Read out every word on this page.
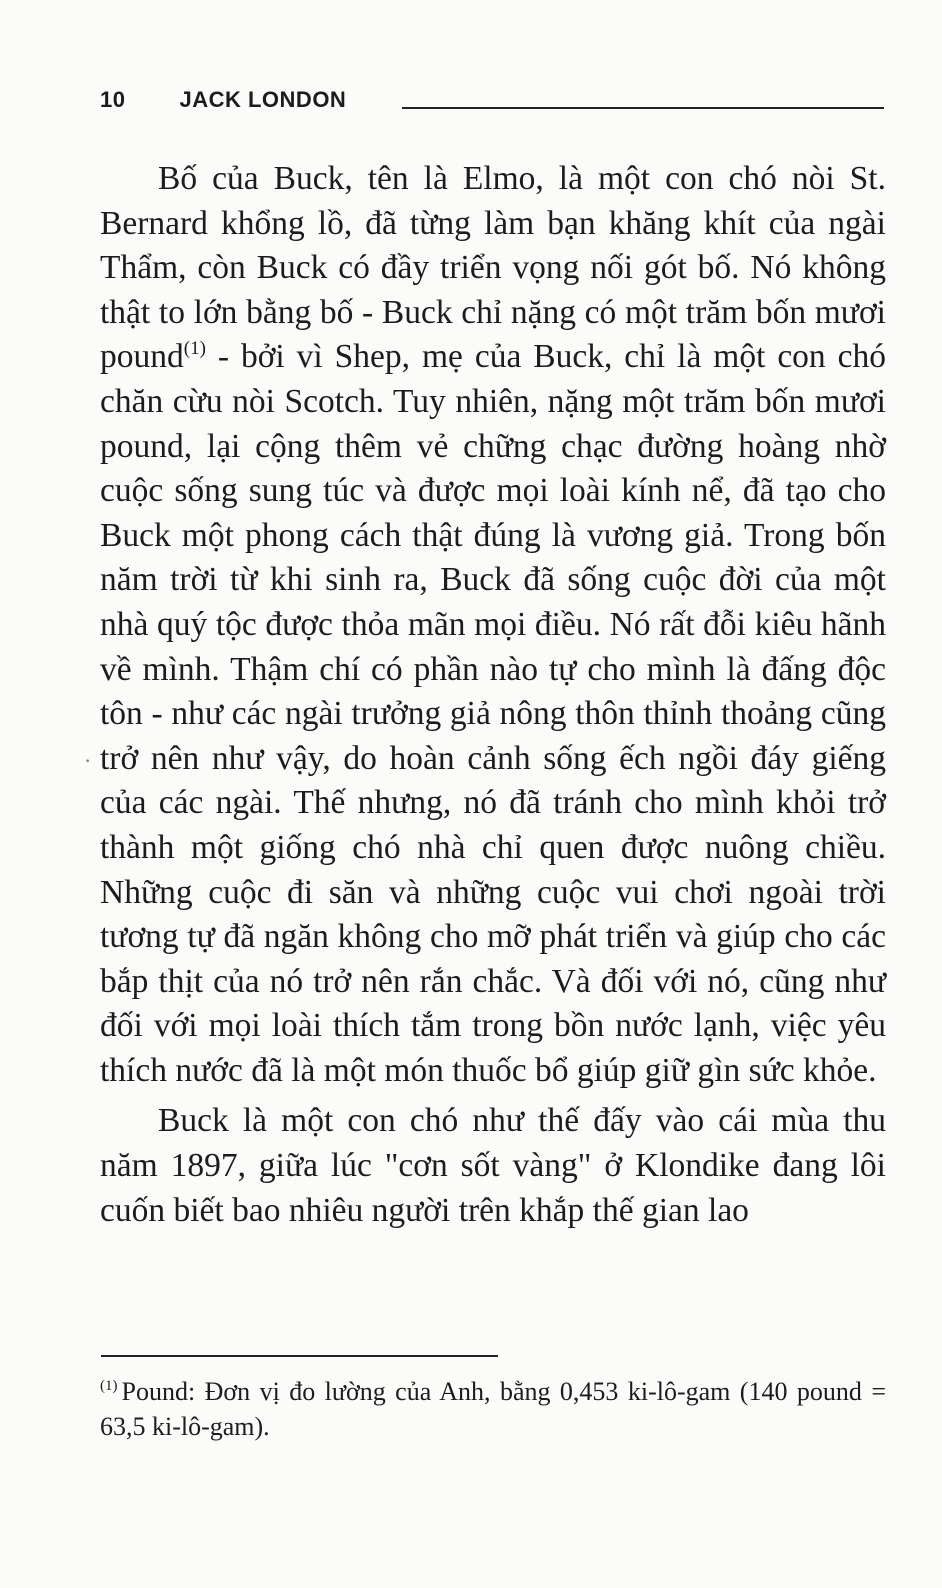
10 JACK LONDON

Bố của Buck, tên là Elmo, là một con chó nòi St. Bernard khổng lồ, đã từng làm bạn khăng khít của ngài Thẩm, còn Buck có đầy triển vọng nối gót bố. Nó không thật to lớn bằng bố - Buck chỉ nặng có một trăm bốn mươi pound$^{(1)}$ - bởi vì Shep, mẹ của Buck, chỉ là một con chó chăn cừu nòi Scotch. Tuy nhiên, nặng một trăm bốn mươi pound, lại cộng thêm vẻ chững chạc đường hoàng nhờ cuộc sống sung túc và được mọi loài kính nể, đã tạo cho Buck một phong cách thật đúng là vương giả. Trong bốn năm trời từ khi sinh ra, Buck đã sống cuộc đời của một nhà quý tộc được thỏa mãn mọi điều. Nó rất đỗi kiêu hãnh về mình. Thậm chí có phần nào tự cho mình là đấng độc tôn - như các ngài trưởng giả nông thôn thỉnh thoảng cũng trở nên như vậy, do hoàn cảnh sống ếch ngồi đáy giếng của các ngài. Thế nhưng, nó đã tránh cho mình khỏi trở thành một giống chó nhà chỉ quen được nuông chiều. Những cuộc đi săn và những cuộc vui chơi ngoài trời tương tự đã ngăn không cho mỡ phát triển và giúp cho các bắp thịt của nó trở nên rắn chắc. Và đối với nó, cũng như đối với mọi loài thích tắm trong bồn nước lạnh, việc yêu thích nước đã là một món thuốc bổ giúp giữ gìn sức khỏe.

Buck là một con chó như thế đấy vào cái mùa thu năm 1897, giữa lúc "cơn sốt vàng" ở Klondike đang lôi cuốn biết bao nhiêu người trên khắp thế gian lao

·
$^{(1)}$ Pound: Đơn vị đo lường của Anh, bằng 0,453 ki-lô-gam (140 pound = 63,5 ki-lô-gam).
